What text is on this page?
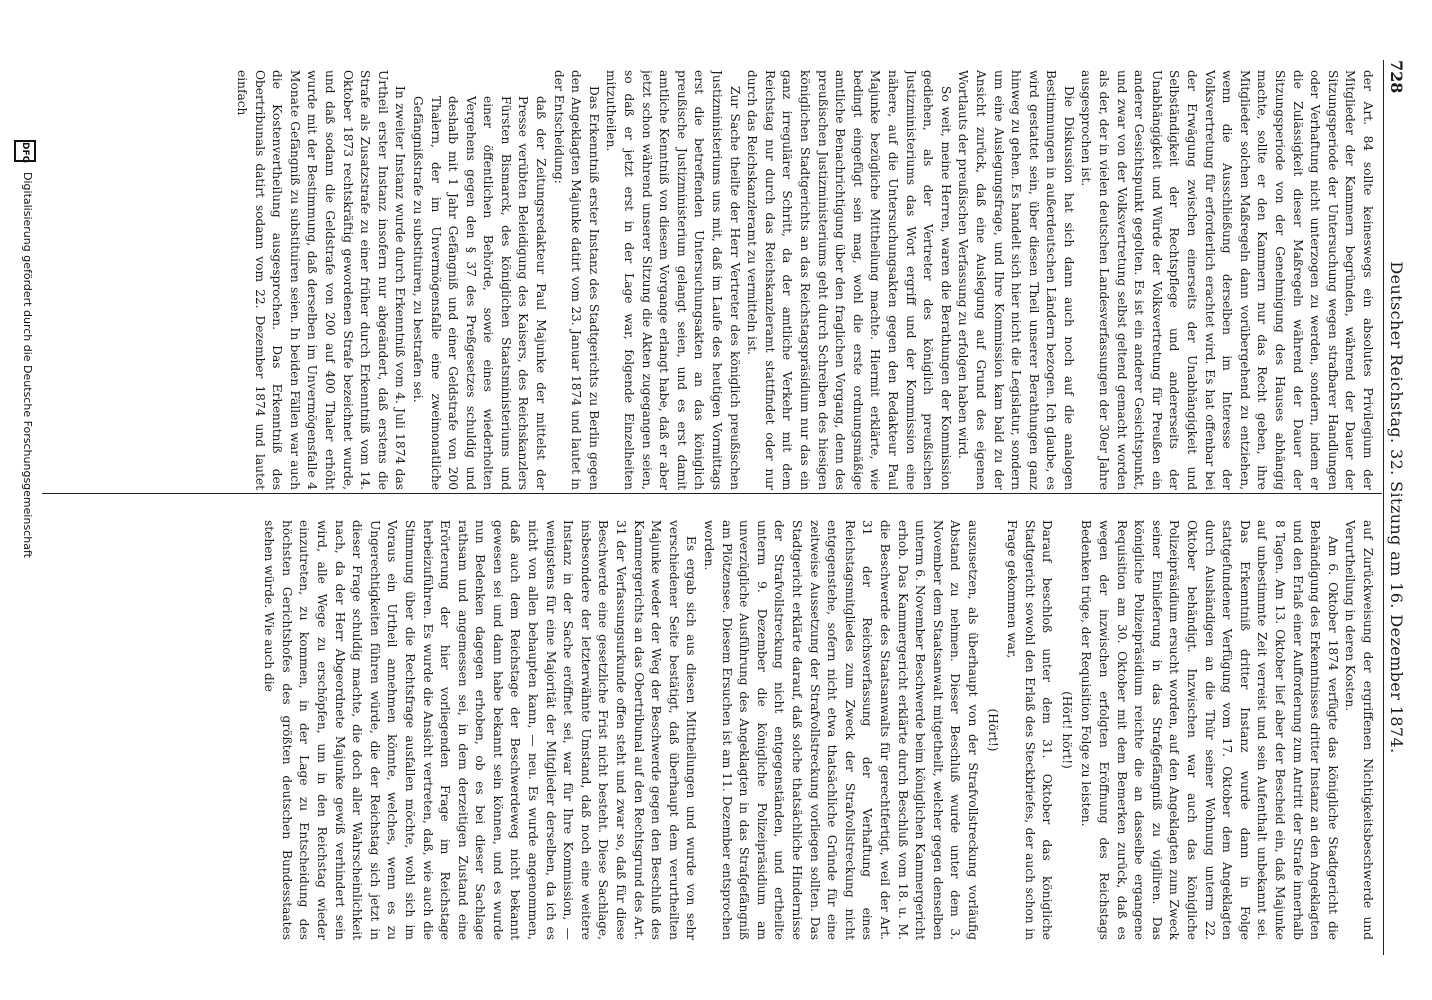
728
Deutscher Reichstag. 32. Sitzung am 16. Dezember 1874.

der Art. 84 sollte keineswegs ein absolutes Privilegium der Mitglieder der Kammern begründen, während der Dauer der Sitzungsperiode der Untersuchung wegen strafbarer Handlungen oder Verhaftung nicht unterzogen zu werden, sondern, indem er die Zulässigkeit dieser Maßregeln während der Dauer der Sitzungsperiode von der Genehmigung des Hauses abhängig machte, sollte er den Kammern nur das Recht geben, ihre Mitglieder solchen Maßregeln dann vorübergehend zu entziehen, wenn die Ausschließung derselben im Interesse der Volksvertretung für erforderlich erachtet wird. Es hat offenbar bei der Erwägung zwischen einerseits der Unabhängigkeit und Selbständigkeit der Rechtspflege und andererseits der Unabhängigkeit und Würde der Volksvertretung für Preußen ein anderer Gesichtspunkt gegolten. Es ist ein anderer Gesichtspunkt, und zwar von der Volksvertretung selbst geltend gemacht worden als der, der in vielen deutschen Landesverfassungen der 30er Jahre ausgesprochen ist.

Die Diskussion hat sich dann auch noch auf die analogen Bestimmungen in außerdeutschen Ländern bezogen. Ich glaube, es wird gestattet sein, über diesen Theil unserer Berathungen ganz hinweg zu gehen. Es handelt sich hier nicht die Legislatur, sondern um eine Auslegungsfrage, und Ihre Kommission kam bald zu der Ansicht zurück, daß eine Auslegung auf Grund des eigenen Wortlauts der preußischen Verfassung zu erfolgen haben wird.

So weit, meine Herren, waren die Berathungen der Kommission gediehen, als der Vertreter des königlich preußischen Justizministeriums das Wort ergriff und der Kommission eine nähere, auf die Untersuchungsakten gegen den Redakteur Paul Majunke bezügliche Mittheilung machte. Hiermit erklärte, wie bedingt eingefügt sein mag, wohl die erste ordnungsmäßige amtliche Benachrichtigung über den fraglichen Vorgang, denn des preußischen Justizministeriums geht durch Schreiben des hiesigen königlichen Stadtgerichts an das Reichstagspräsidium nur das ein ganz irregulärer Schritt, da der amtliche Verkehr mit dem Reichstag nur durch das Reichskanzleramt stattfindet oder nur durch das Reichskanzleramt zu vermitteln ist.

Zur Sache theilte der Herr Vertreter des königlich preußischen Justizministeriums uns mit, daß im Laufe des heutigen Vormittags erst die betreffenden Untersuchungsakten an das königlich preußische Justizministerium gelangt seien, und es erst damit amtliche Kenntniß von diesem Vorgange erlangt habe, daß er aber jetzt schon während unserer Sitzung die Akten zugegangen seien, so daß er jetzt erst in der Lage war, folgende Einzelheiten mitzutheilen.

Das Erkenntniß erster Instanz des Stadtgerichts zu Berlin gegen den Angeklagten Majunke datirt vom 23. Januar 1874 und lautet in der Entscheidung:

daß der Zeitungsredakteur Paul Majunke der mittelst der Presse verübten Beleidigung des Kaisers, des Reichskanzlers Fürsten Bismarck, des königlichen Staatsministeriums und einer öffentlichen Behörde, sowie eines wiederholten Vergehens gegen den § 37 des Preßgesetzes schuldig und deshalb mit 1 Jahr Gefängniß und einer Geldstrafe von 200 Thalern, der im Unvermögensfalle eine zweimonatliche Gefängnißstrafe zu substituiren, zu bestrafen sei.

In zweiter Instanz wurde durch Erkenntniß vom 4. Juli 1874 das Urtheil erster Instanz insofern nur abgeändert, daß erstens die Strafe als Zusatzstrafe zu einer früher durch Erkenntniß vom 14. Oktober 1873 rechtskräftig gewordenen Strafe bezeichnet wurde, und daß sodann die Geldstrafe von 200 auf 400 Thaler erhöht wurde mit der Bestimmung, daß derselben im Unvermögensfalle 4 Monate Gefängniß zu substituiren seien. In beiden Fällen war auch die Kostenvertheilung ausgesprochen. Das Erkenntniß des Obertribunals datirt sodann vom 22. Dezember 1874 und lautet einfach

auf Zurückweisung der ergriffenen Nichtigkeitsbeschwerde und Verurtheilung in deren Kosten.

Am 6. Oktober 1874 verfügte das königliche Stadtgericht die Behändigung des Erkenntnisses dritter Instanz an den Angeklagten und den Erlaß einer Aufforderung zum Antritt der Strafe innerhalb 8 Tagen. Am 13. Oktober lief aber der Bescheid ein, daß Majunke auf unbestimmte Zeit verreist und sein Aufenthalt unbekannt sei. Das Erkenntniß dritter Instanz wurde dann in Folge stattgefundener Verfügung vom 17. Oktober dem Angeklagten durch Aushändigen an die Thür seiner Wohnung unterm 22. Oktober behändigt. Inzwischen war auch das königliche Polizeipräsidium ersucht worden, auf den Angeklagten zum Zweck seiner Einlieferung in das Strafgefängniß zu vigiliren. Das königliche Polizeipräsidium reichte die an dasselbe ergangene Requisition am 30. Oktober mit dem Bemerken zurück, daß es wegen der inzwischen erfolgten Eröffnung des Reichstags Bedenken trüge, der Requisition Folge zu leisten.

(Hört! hört!)

Darauf beschloß unter dem 31. Oktober das königliche Stadtgericht sowohl den Erlaß des Steckbriefes, der auch schon in Frage gekommen war,

(Hört!)

auszusetzen, als überhaupt von der Strafvollstreckung vorläufig Abstand zu nehmen. Dieser Beschluß wurde unter dem 3. November dem Staatsanwalt mitgetheilt, welcher gegen denselben unterm 6. November Beschwerde beim königlichen Kammergericht erhob. Das Kammergericht erklärte durch Beschluß vom 18. u. M. die Beschwerde des Staatsanwalts für gerechtfertigt, weil der Art. 31 der Reichsverfassung der Verhaftung eines Reichstagsmitgliedes zum Zweck der Strafvollstreckung nicht entgegenstehe, sofern nicht etwa thatsächliche Gründe für eine zeitweise Aussetzung der Strafvollstreckung vorliegen sollten. Das Stadtgericht erklärte darauf, daß solche thatsächliche Hindernisse der Strafvollstreckung nicht entgegenständen, und ertheilte unterm 9. Dezember die königliche Polizeipräsidium am unverzügliche Ausführung des Angeklagten in das Strafgefängniß am Plötzensee. Diesem Ersuchen ist am 11. Dezember entsprochen worden.

Es ergab sich aus diesen Mittheilungen und wurde von sehr verschiedener Seite bestätigt, daß überhaupt dem verurtheilten Majunke weder der Weg der Beschwerde gegen den Beschluß des Kammergerichts an das Obertribunal auf den Rechtsgrund des Art. 31 der Verfassungsurkunde offen steht und zwar so, daß für diese Beschwerde eine gesetzliche Frist nicht besteht. Diese Sachlage, insbesondere der letzterwähnte Umstand, daß noch eine weitere Instanz in der Sache eröffnet sei, war für Ihre Kommission, — wenigstens für eine Majorität der Mitglieder derselben, da ich es nicht von allen behaupten kann, — neu. Es wurde angenommen, daß auch dem Reichstage der Beschwerdeweg nicht bekannt gewesen sei und dann habe bekannt sein können, und es wurde nun Bedenken dagegen erhoben, ob es bei dieser Sachlage rathsam und angemessen sei, in dem derzeitigen Zustand eine Erörterung der hier vorliegenden Frage im Reichstage herbeizuführen. Es wurde die Ansicht vertreten, daß, wie auch die Stimmung über die Rechtsfrage ausfallen möchte, wohl sich im Voraus ein Urtheil annehmen könnte, welches, wenn es zu Ungerechtigkeiten führen würde, die der Reichstag sich jetzt in dieser Frage schuldig machte, die doch aller Wahrscheinlichkeit nach, da der Herr Abgeordnete Majunke gewiß verhindert sein wird, alle Wege zu erschöpfen, um in den Reichstag wieder einzutreten, zu kommen, in der Lage zu Entscheidung des höchsten Gerichtshofes des größten deutschen Bundesstaates stehen würde. Wie auch die

DFG
Digitalisierung gefördert durch die Deutsche Forschungsgemeinschaft
